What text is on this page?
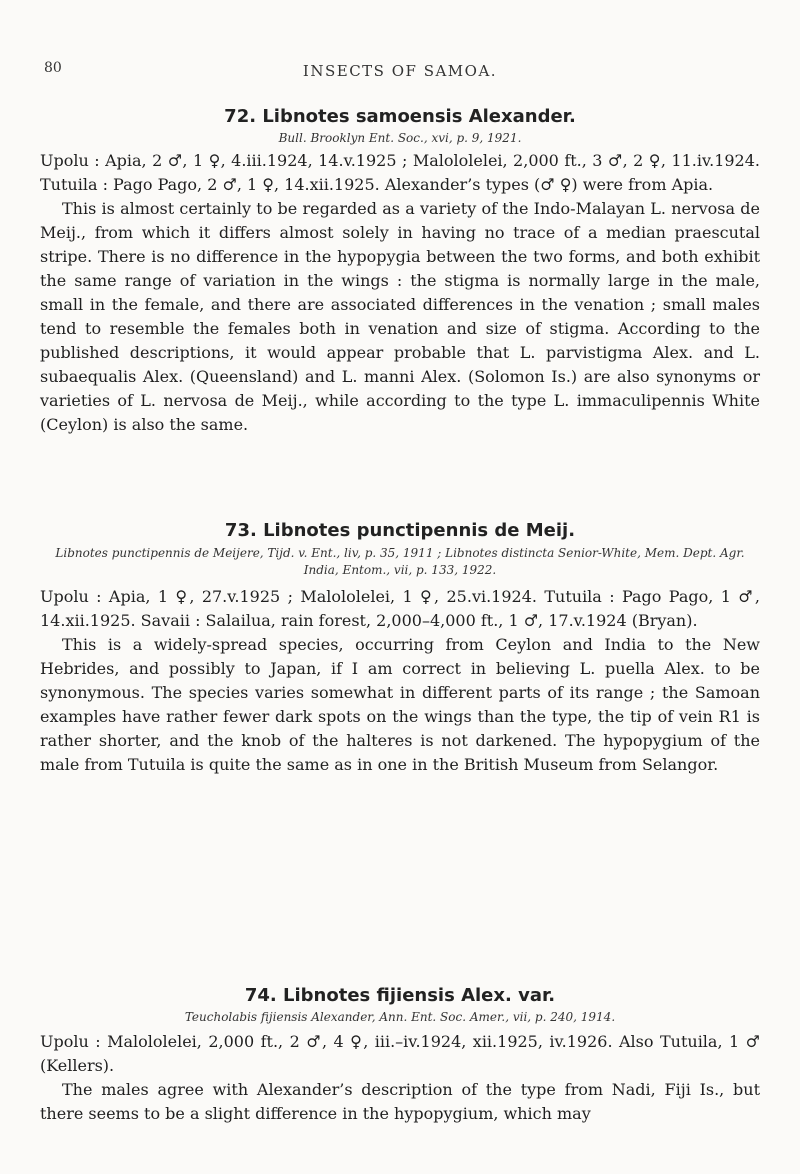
80	INSECTS OF SAMOA.
72. Libnotes samoensis Alexander.
Bull. Brooklyn Ent. Soc., xvi, p. 9, 1921.

Upolu : Apia, 2 ♂, 1 ♀, 4.iii.1924, 14.v.1925 ; Malololelei, 2,000 ft., 3 ♂, 2 ♀, 11.iv.1924. Tutuila : Pago Pago, 2 ♂, 1 ♀, 14.xii.1925. Alexander’s types (♂ ♀) were from Apia.

This is almost certainly to be regarded as a variety of the Indo-Malayan L. nervosa de Meij., from which it differs almost solely in having no trace of a median praescutal stripe. There is no difference in the hypopygia between the two forms, and both exhibit the same range of variation in the wings : the stigma is normally large in the male, small in the female, and there are associated differences in the venation ; small males tend to resemble the females both in venation and size of stigma. According to the published descriptions, it would appear probable that L. parvistigma Alex. and L. subaequalis Alex. (Queensland) and L. manni Alex. (Solomon Is.) are also synonyms or varieties of L. nervosa de Meij., while according to the type L. immaculipennis White (Ceylon) is also the same.

73. Libnotes punctipennis de Meij.
Libnotes punctipennis de Meijere, Tijd. v. Ent., liv, p. 35, 1911 ; Libnotes distincta Senior-White, Mem. Dept. Agr. India, Entom., vii, p. 133, 1922.

Upolu : Apia, 1 ♀, 27.v.1925 ; Malololelei, 1 ♀, 25.vi.1924. Tutuila : Pago Pago, 1 ♂, 14.xii.1925. Savaii : Salailua, rain forest, 2,000–4,000 ft., 1 ♂, 17.v.1924 (Bryan).

This is a widely-spread species, occurring from Ceylon and India to the New Hebrides, and possibly to Japan, if I am correct in believing L. puella Alex. to be synonymous. The species varies somewhat in different parts of its range ; the Samoan examples have rather fewer dark spots on the wings than the type, the tip of vein R1 is rather shorter, and the knob of the halteres is not darkened. The hypopygium of the male from Tutuila is quite the same as in one in the British Museum from Selangor.

74. Libnotes fijiensis Alex. var.
Teucholabis fijiensis Alexander, Ann. Ent. Soc. Amer., vii, p. 240, 1914.

Upolu : Malololelei, 2,000 ft., 2 ♂, 4 ♀, iii.–iv.1924, xii.1925, iv.1926. Also Tutuila, 1 ♂ (Kellers).

The males agree with Alexander’s description of the type from Nadi, Fiji Is., but there seems to be a slight difference in the hypopygium, which may
